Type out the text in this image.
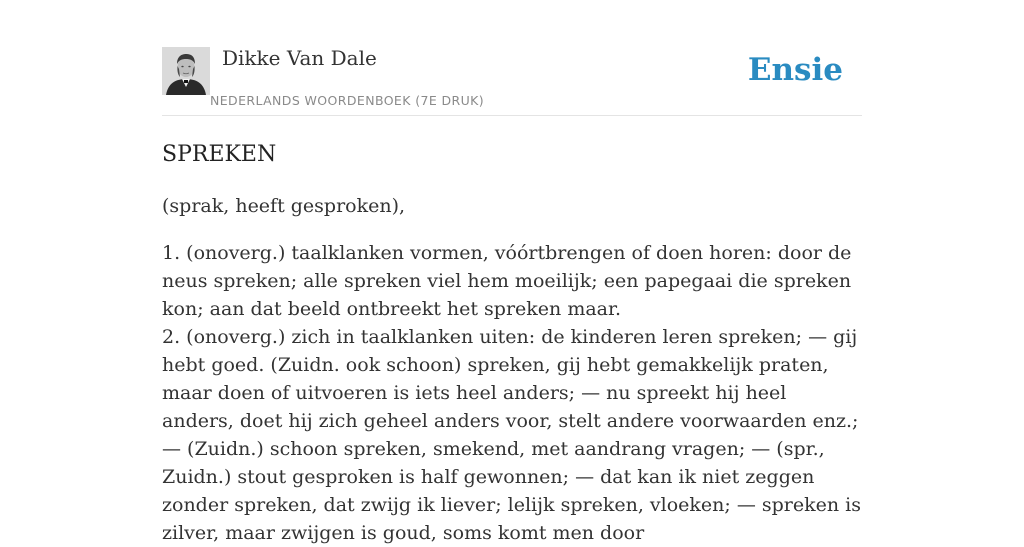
Dikke Van Dale
NEDERLANDS WOORDENBOEK (7E DRUK)
Ensie
SPREKEN

(sprak, heeft gesproken),

1. (onoverg.) taalklanken vormen, vóórtbrengen of doen horen: door de neus spreken; alle spreken viel hem moeilijk; een papegaai die spreken kon; aan dat beeld ontbreekt het spreken maar.

2. (onoverg.) zich in taalklanken uiten: de kinderen leren spreken; — gij hebt goed. (Zuidn. ook schoon) spreken, gij hebt gemakkelijk praten, maar doen of uitvoeren is iets heel anders; — nu spreekt hij heel anders, doet hij zich geheel anders voor, stelt andere voorwaarden enz.; — (Zuidn.) schoon spreken, smekend, met aandrang vragen; — (spr., Zuidn.) stout gesproken is half gewonnen; — dat kan ik niet zeggen zonder spreken, dat zwijg ik liever; lelijk spreken, vloeken; — spreken is zilver, maar zwijgen is goud, soms komt men door
